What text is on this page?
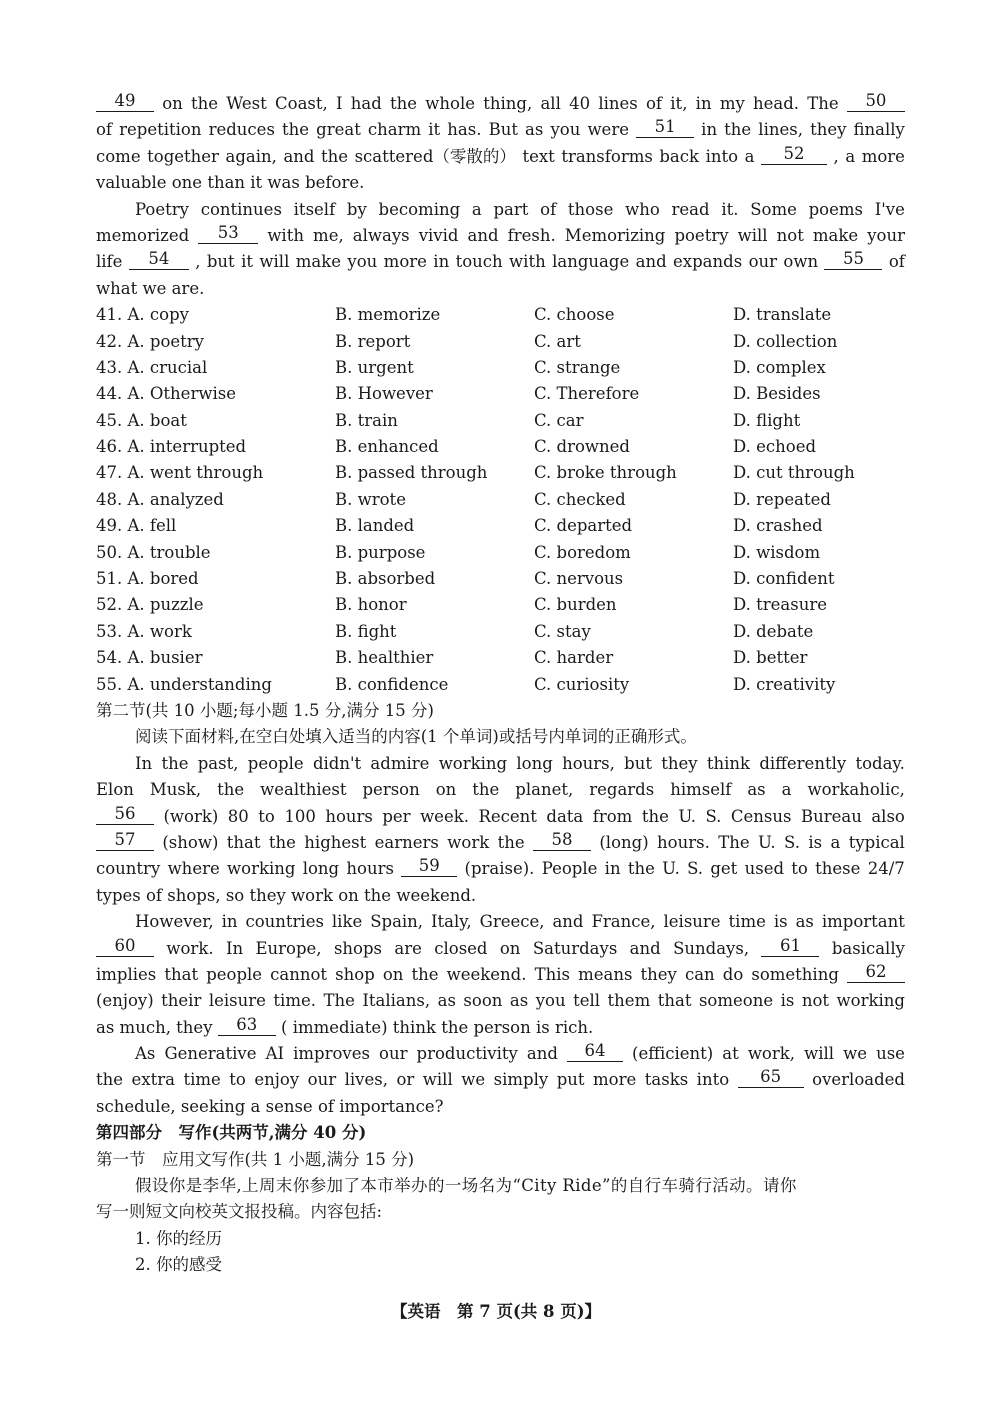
49	on the West Coast, I had the whole thing, all 40 lines of it, in my head. The	50
of repetition reduces the great charm it has. But as you were	51	in the lines, they finally
come together again, and the scattered（零散的） text transforms back into a	52	, a more
valuable one than it was before.
Poetry continues itself by becoming a part of those who read it. Some poems I've
memorized	53	with me, always vivid and fresh. Memorizing poetry will not make your
life	54	, but it will make you more in touch with language and expands our own	55	of
what we are.
41. A. copy	B. memorize	C. choose	D. translate
42. A. poetry	B. report	C. art	D. collection
43. A. crucial	B. urgent	C. strange	D. complex
44. A. Otherwise	B. However	C. Therefore	D. Besides
45. A. boat	B. train	C. car	D. flight
46. A. interrupted	B. enhanced	C. drowned	D. echoed
47. A. went through	B. passed through	C. broke through	D. cut through
48. A. analyzed	B. wrote	C. checked	D. repeated
49. A. fell	B. landed	C. departed	D. crashed
50. A. trouble	B. purpose	C. boredom	D. wisdom
51. A. bored	B. absorbed	C. nervous	D. confident
52. A. puzzle	B. honor	C. burden	D. treasure
53. A. work	B. fight	C. stay	D. debate
54. A. busier	B. healthier	C. harder	D. better
55. A. understanding	B. confidence	C. curiosity	D. creativity
第二节(共 10 小题;每小题 1.5 分,满分 15 分)
阅读下面材料,在空白处填入适当的内容(1 个单词)或括号内单词的正确形式。
In the past, people didn't admire working long hours, but they think differently today.
Elon Musk, the wealthiest person on the planet, regards himself as a workaholic,
56	(work) 80 to 100 hours per week. Recent data from the U. S. Census Bureau also
57	(show) that the highest earners work the	58	(long) hours. The U. S. is a typical
country where working long hours	59	(praise). People in the U. S. get used to these 24/7
types of shops, so they work on the weekend.
However, in countries like Spain, Italy, Greece, and France, leisure time is as important
60	work. In Europe, shops are closed on Saturdays and Sundays,	61	basically
implies that people cannot shop on the weekend. This means they can do something	62
(enjoy) their leisure time. The Italians, as soon as you tell them that someone is not working
as much, they	63	( immediate) think the person is rich.
As Generative AI improves our productivity and	64	(efficient) at work, will we use
the extra time to enjoy our lives, or will we simply put more tasks into	65	overloaded
schedule, seeking a sense of importance?
第四部分　写作(共两节,满分 40 分)
第一节　应用文写作(共 1 小题,满分 15 分)
假设你是李华,上周末你参加了本市举办的一场名为“City Ride”的自行车骑行活动。请你
写一则短文向校英文报投稿。内容包括:
1. 你的经历
2. 你的感受
【英语　第 7 页(共 8 页)】
